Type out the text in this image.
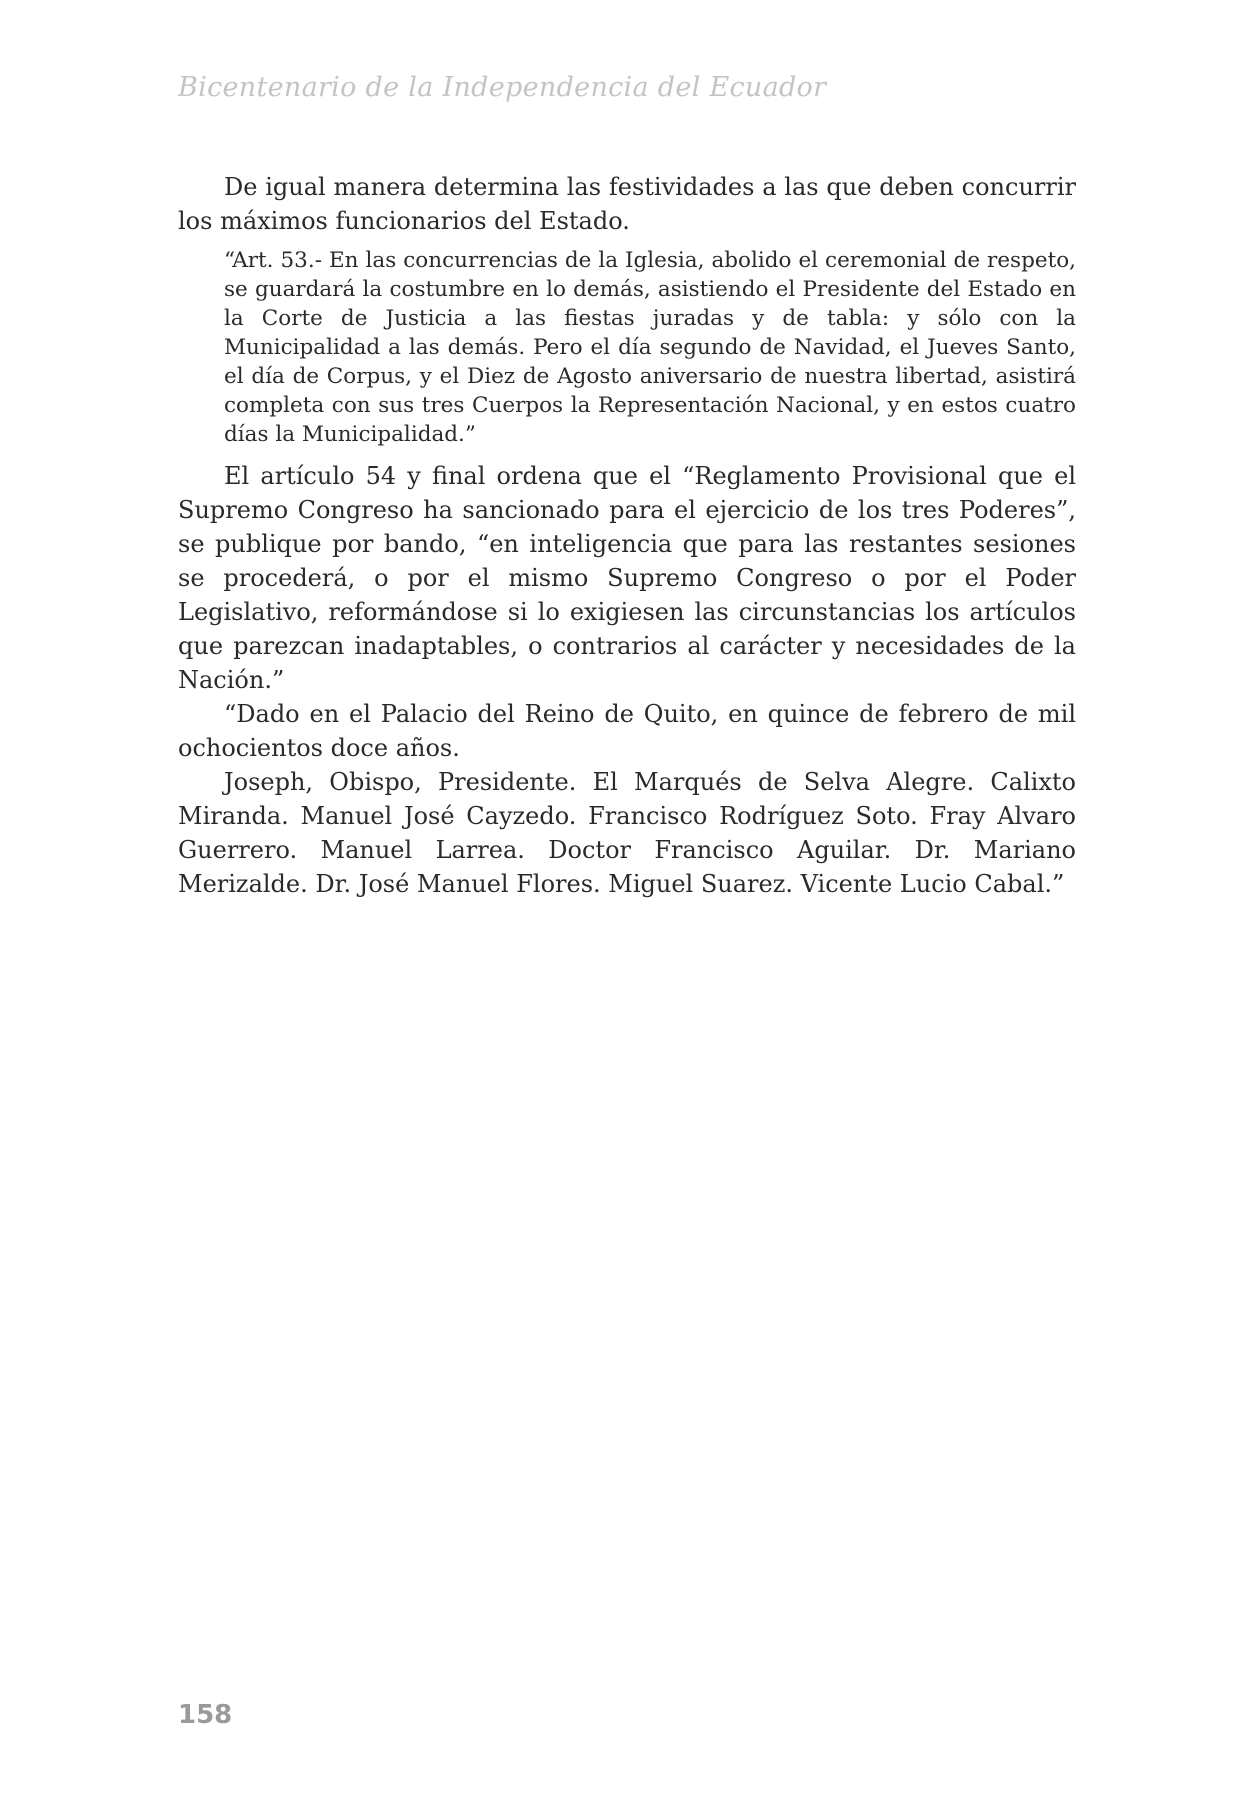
Bicentenario de la Independencia del Ecuador

De igual manera determina las festividades a las que deben concurrir los máximos funcionarios del Estado.

“Art. 53.- En las concurrencias de la Iglesia, abolido el ceremonial de respeto, se guardará la costumbre en lo demás, asistiendo el Presidente del Estado en la Corte de Justicia a las fiestas juradas y de tabla: y sólo con la Municipalidad a las demás. Pero el día segundo de Navidad, el Jueves Santo, el día de Corpus, y el Diez de Agosto aniversario de nuestra libertad, asistirá completa con sus tres Cuerpos la Representación Nacional, y en estos cuatro días la Municipalidad.”

El artículo 54 y final ordena que el “Reglamento Provisional que el Supremo Congreso ha sancionado para el ejercicio de los tres Poderes”, se publique por bando, “en inteligencia que para las restantes sesiones se procederá, o por el mismo Supremo Congreso o por el Poder Legislativo, reformándose si lo exigiesen las circunstancias los artículos que parezcan inadaptables, o contrarios al carácter y necesidades de la Nación.”

“Dado en el Palacio del Reino de Quito, en quince de febrero de mil ochocientos doce años.

Joseph, Obispo, Presidente. El Marqués de Selva Alegre. Calixto Miranda. Manuel José Cayzedo. Francisco Rodríguez Soto. Fray Alvaro Guerrero. Manuel Larrea. Doctor Francisco Aguilar. Dr. Mariano Merizalde. Dr. José Manuel Flores. Miguel Suarez. Vicente Lucio Cabal.”

158
